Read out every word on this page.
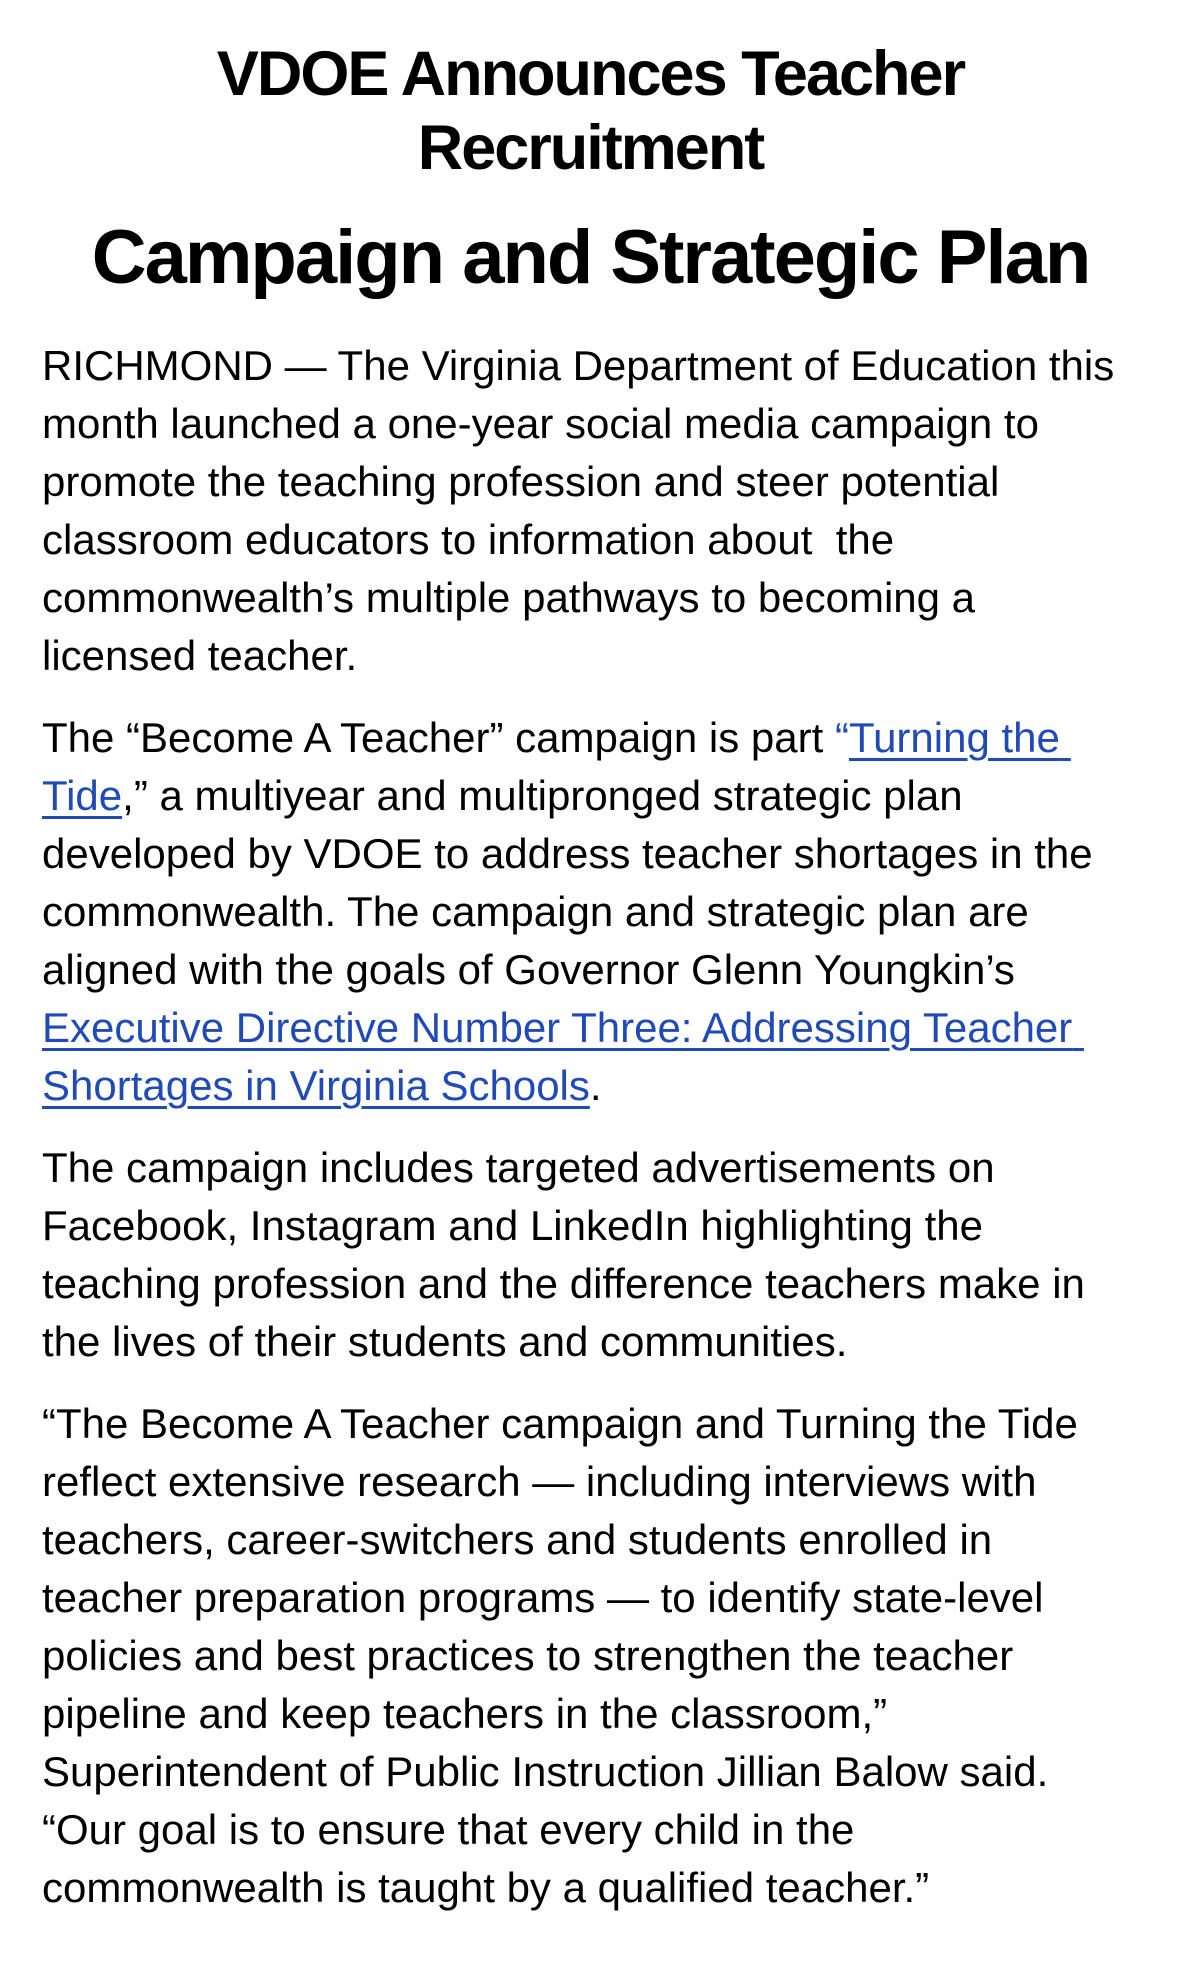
VDOE Announces Teacher Recruitment
Campaign and Strategic Plan

RICHMOND — The Virginia Department of Education this month launched a one-year social media campaign to promote the teaching profession and steer potential classroom educators to information about  the commonwealth’s multiple pathways to becoming a licensed teacher.

The “Become A Teacher” campaign is part “Turning the Tide,” a multiyear and multipronged strategic plan developed by VDOE to address teacher shortages in the commonwealth. The campaign and strategic plan are aligned with the goals of Governor Glenn Youngkin’s Executive Directive Number Three: Addressing Teacher Shortages in Virginia Schools.

The campaign includes targeted advertisements on Facebook, Instagram and LinkedIn highlighting the teaching profession and the difference teachers make in the lives of their students and communities.

“The Become A Teacher campaign and Turning the Tide reflect extensive research — including interviews with teachers, career-switchers and students enrolled in teacher preparation programs — to identify state-level policies and best practices to strengthen the teacher pipeline and keep teachers in the classroom,” Superintendent of Public Instruction Jillian Balow said. “Our goal is to ensure that every child in the commonwealth is taught by a qualified teacher.”
